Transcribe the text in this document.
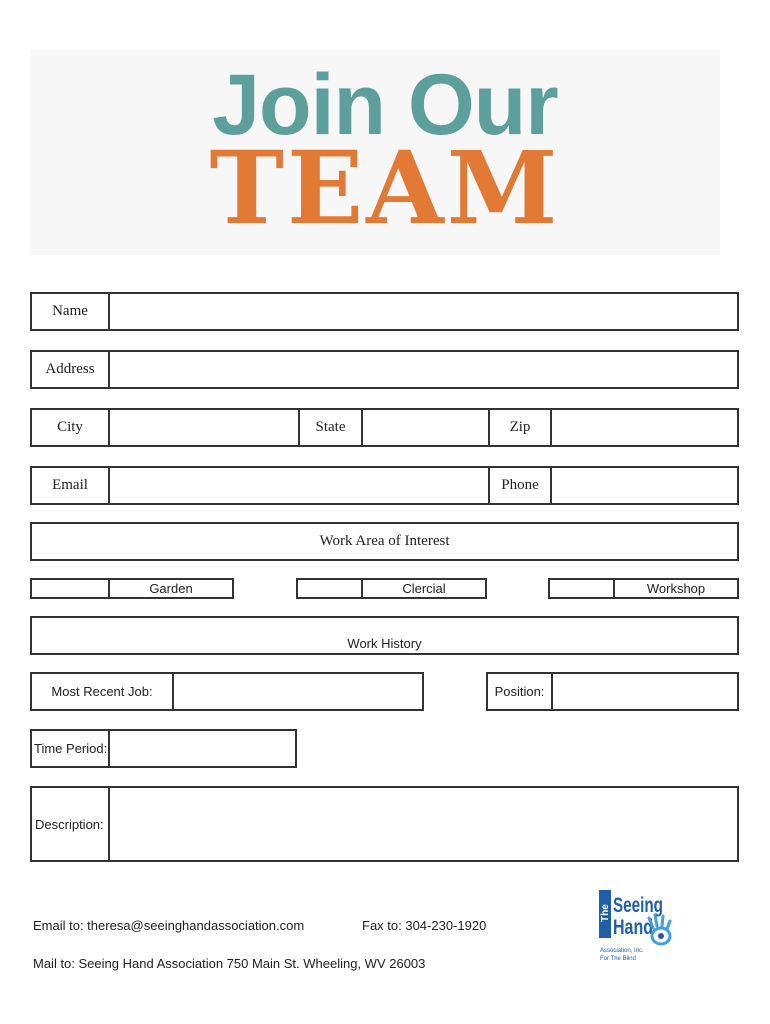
Join Our
TEAM
Name
Address
City	State	Zip
Email	Phone
Work Area of Interest
Garden	Clercial	Workshop
Work History
Most Recent Job:	Position:
Time Period:
Description:
Email to: theresa@seeinghandassociation.com	Fax to: 304-230-1920
Mail to: Seeing Hand Association 750 Main St. Wheeling, WV 26003
The Seeing
Hand
Association, Inc.
For The Blind
